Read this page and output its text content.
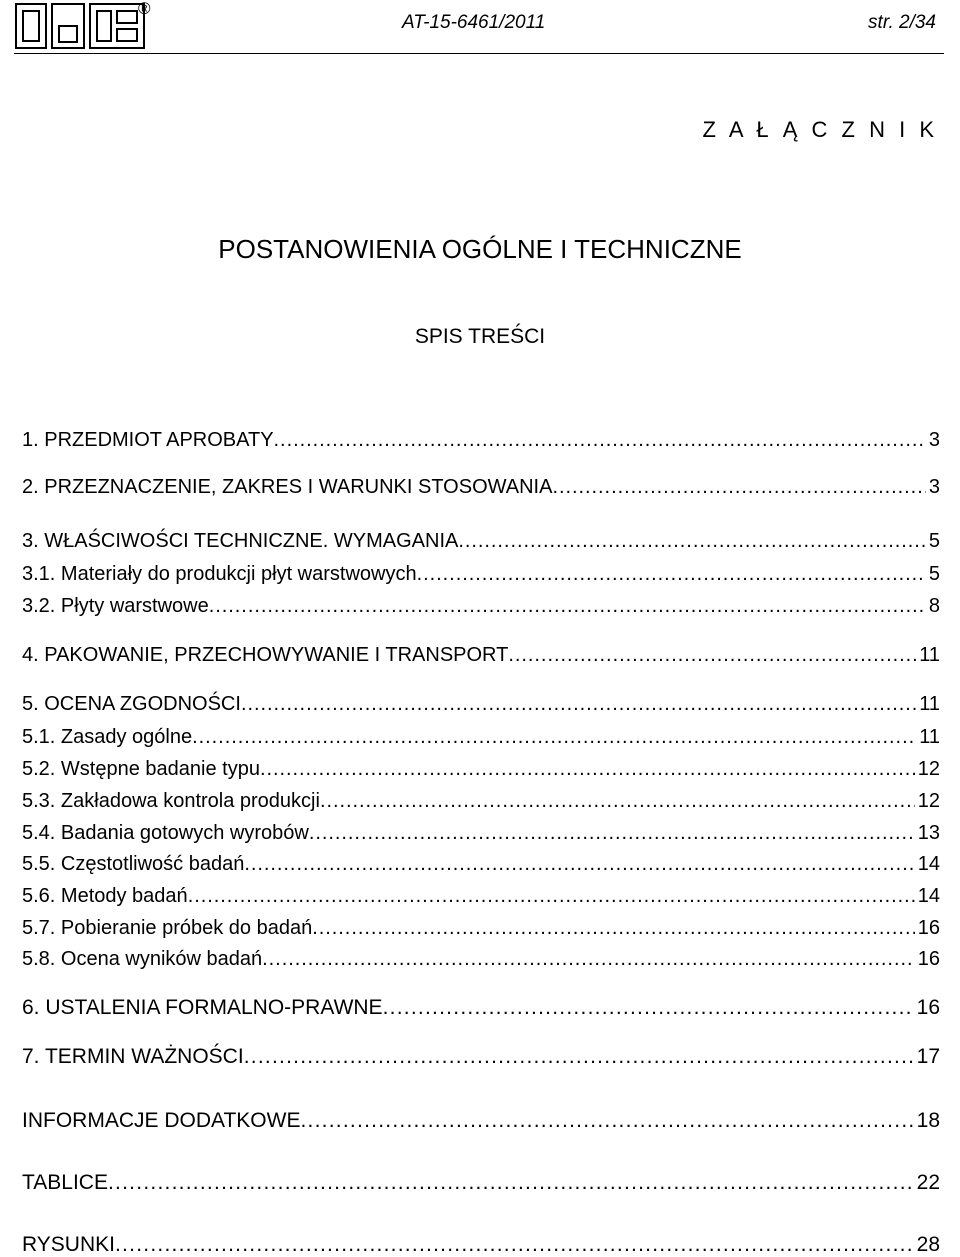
®
AT-15-6461/2011	str. 2/34
Z A Ł Ą C Z N I K
POSTANOWIENIA OGÓLNE I TECHNICZNE
SPIS TREŚCI
1. PRZEDMIOT APROBATY . . .	3
2. PRZEZNACZENIE, ZAKRES I WARUNKI STOSOWANIA . . .	3
3. WŁAŚCIWOŚCI TECHNICZNE. WYMAGANIA . . .	5
3.1. Materiały do produkcji płyt warstwowych . . .	5
3.2. Płyty warstwowe . . .	8
4. PAKOWANIE, PRZECHOWYWANIE I TRANSPORT . . .	11
5. OCENA ZGODNOŚCI . . .	11
5.1. Zasady ogólne . . .	11
5.2. Wstępne badanie typu . . .	12
5.3. Zakładowa kontrola produkcji . . .	12
5.4. Badania gotowych wyrobów . . .	13
5.5. Częstotliwość badań . . .	14
5.6. Metody badań . . .	14
5.7. Pobieranie próbek do badań . . .	16
5.8. Ocena wyników badań . . .	16
6. USTALENIA FORMALNO-PRAWNE . . .	16
7. TERMIN WAŻNOŚCI . . .	17
INFORMACJE DODATKOWE . . .	18
TABLICE . . .	22
RYSUNKI . . .	28
